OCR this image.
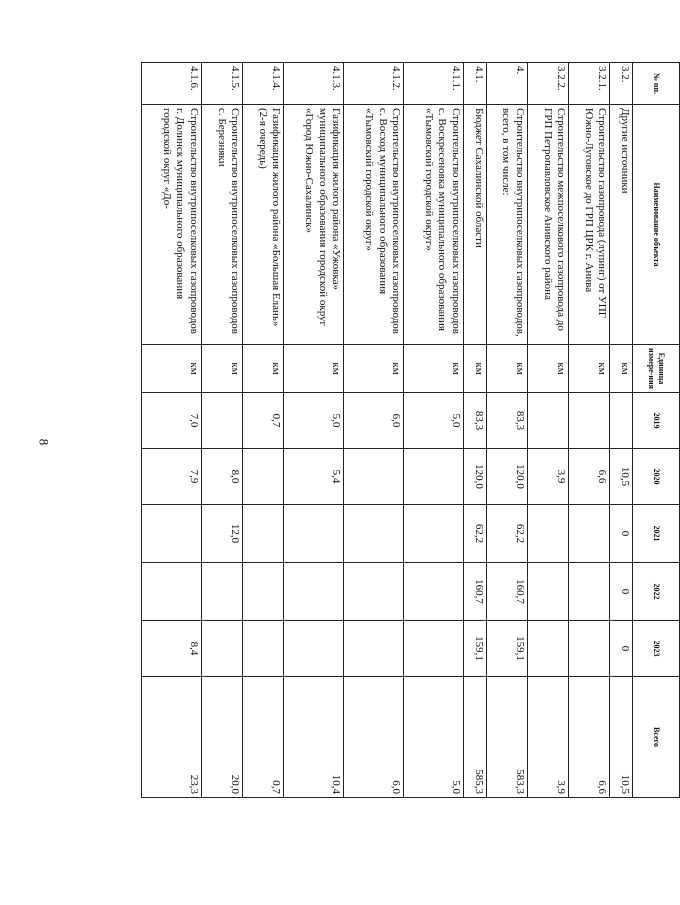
8
№ пп.	Наименование объекта	Единица измере-ния	2019	2020	2021	2022	2023	Всего
3.2.	Другие источники	км		10,5	0	0	0	10,5
3.2.1.	Строительство газопровода (лупинг) от УПГ Южно-Луговское до ГРП ЦРК г. Анива	км		6,6				6,6
3.2.2.	Строительство межпоселкового газопровода до ГРП Петропавловское Анивского района	км		3,9				3,9
4.	Строительство внутрипоселковых газопроводов, всего, в том числе:	км	83,3	120,0	62,2	160,7	159,1	583,3
4.1.	Бюджет Сахалинской области	км	83,3	120,0	62,2	160,7	159,1	585,3
4.1.1.	Строительство внутрипоселковых газопроводов с. Воскресеновка муниципального образования «Тымовский городской округ»	км	5,0					5,0
4.1.2.	Строительство внутрипоселковых газопроводов с. Восход муниципального образования «Тымовский городской округ»	км	6,0					6,0
4.1.3.	Газификация жилого района «Ужовка» муниципального образования городской округ «Город Южно-Сахалинск»	км	5,0	5,4				10,4
4.1.4.	Газификация жилого района «Большая Елань» (2-я очередь)	км	0,7					0,7
4.1.5.	Строительство внутрипоселковых газопроводов с. Березняки	км		8,0	12,0			20,0
4.1.6.	Строительство внутрипоселковых газопроводов г. Долинск муниципального образования городской округ «До-	км	7,0	7,9			8,4	23,3
